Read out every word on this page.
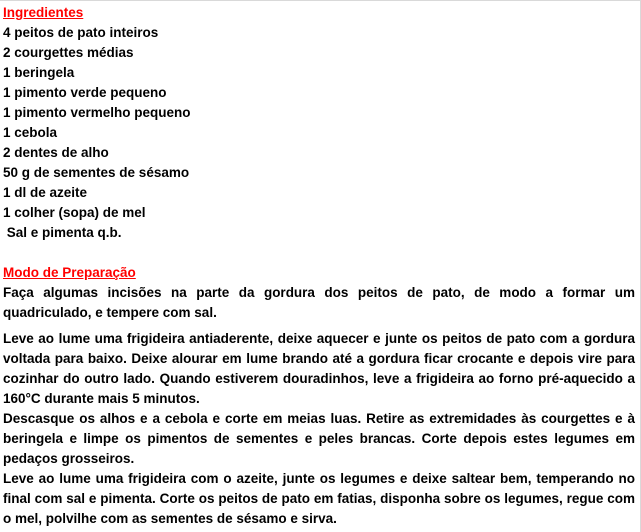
Ingredientes
4 peitos de pato inteiros
2 courgettes médias
1 beringela
1 pimento verde pequeno
1 pimento vermelho pequeno
1 cebola
2 dentes de alho
50 g de sementes de sésamo
1 dl de azeite
1 colher (sopa) de mel
Sal e pimenta q.b.
Modo de Preparação

Faça algumas incisões na parte da gordura dos peitos de pato, de modo a formar um quadriculado, e tempere com sal.

Leve ao lume uma frigideira antiaderente, deixe aquecer e junte os peitos de pato com a gordura voltada para baixo. Deixe alourar em lume brando até a gordura ficar crocante e depois vire para cozinhar do outro lado. Quando estiverem douradinhos, leve a frigideira ao forno pré-aquecido a 160°C durante mais 5 minutos.

Descasque os alhos e a cebola e corte em meias luas. Retire as extremidades às courgettes e à beringela e limpe os pimentos de sementes e peles brancas. Corte depois estes legumes em pedaços grosseiros.

Leve ao lume uma frigideira com o azeite, junte os legumes e deixe saltear bem, temperando no final com sal e pimenta. Corte os peitos de pato em fatias, disponha sobre os legumes, regue com o mel, polvilhe com as sementes de sésamo e sirva.
